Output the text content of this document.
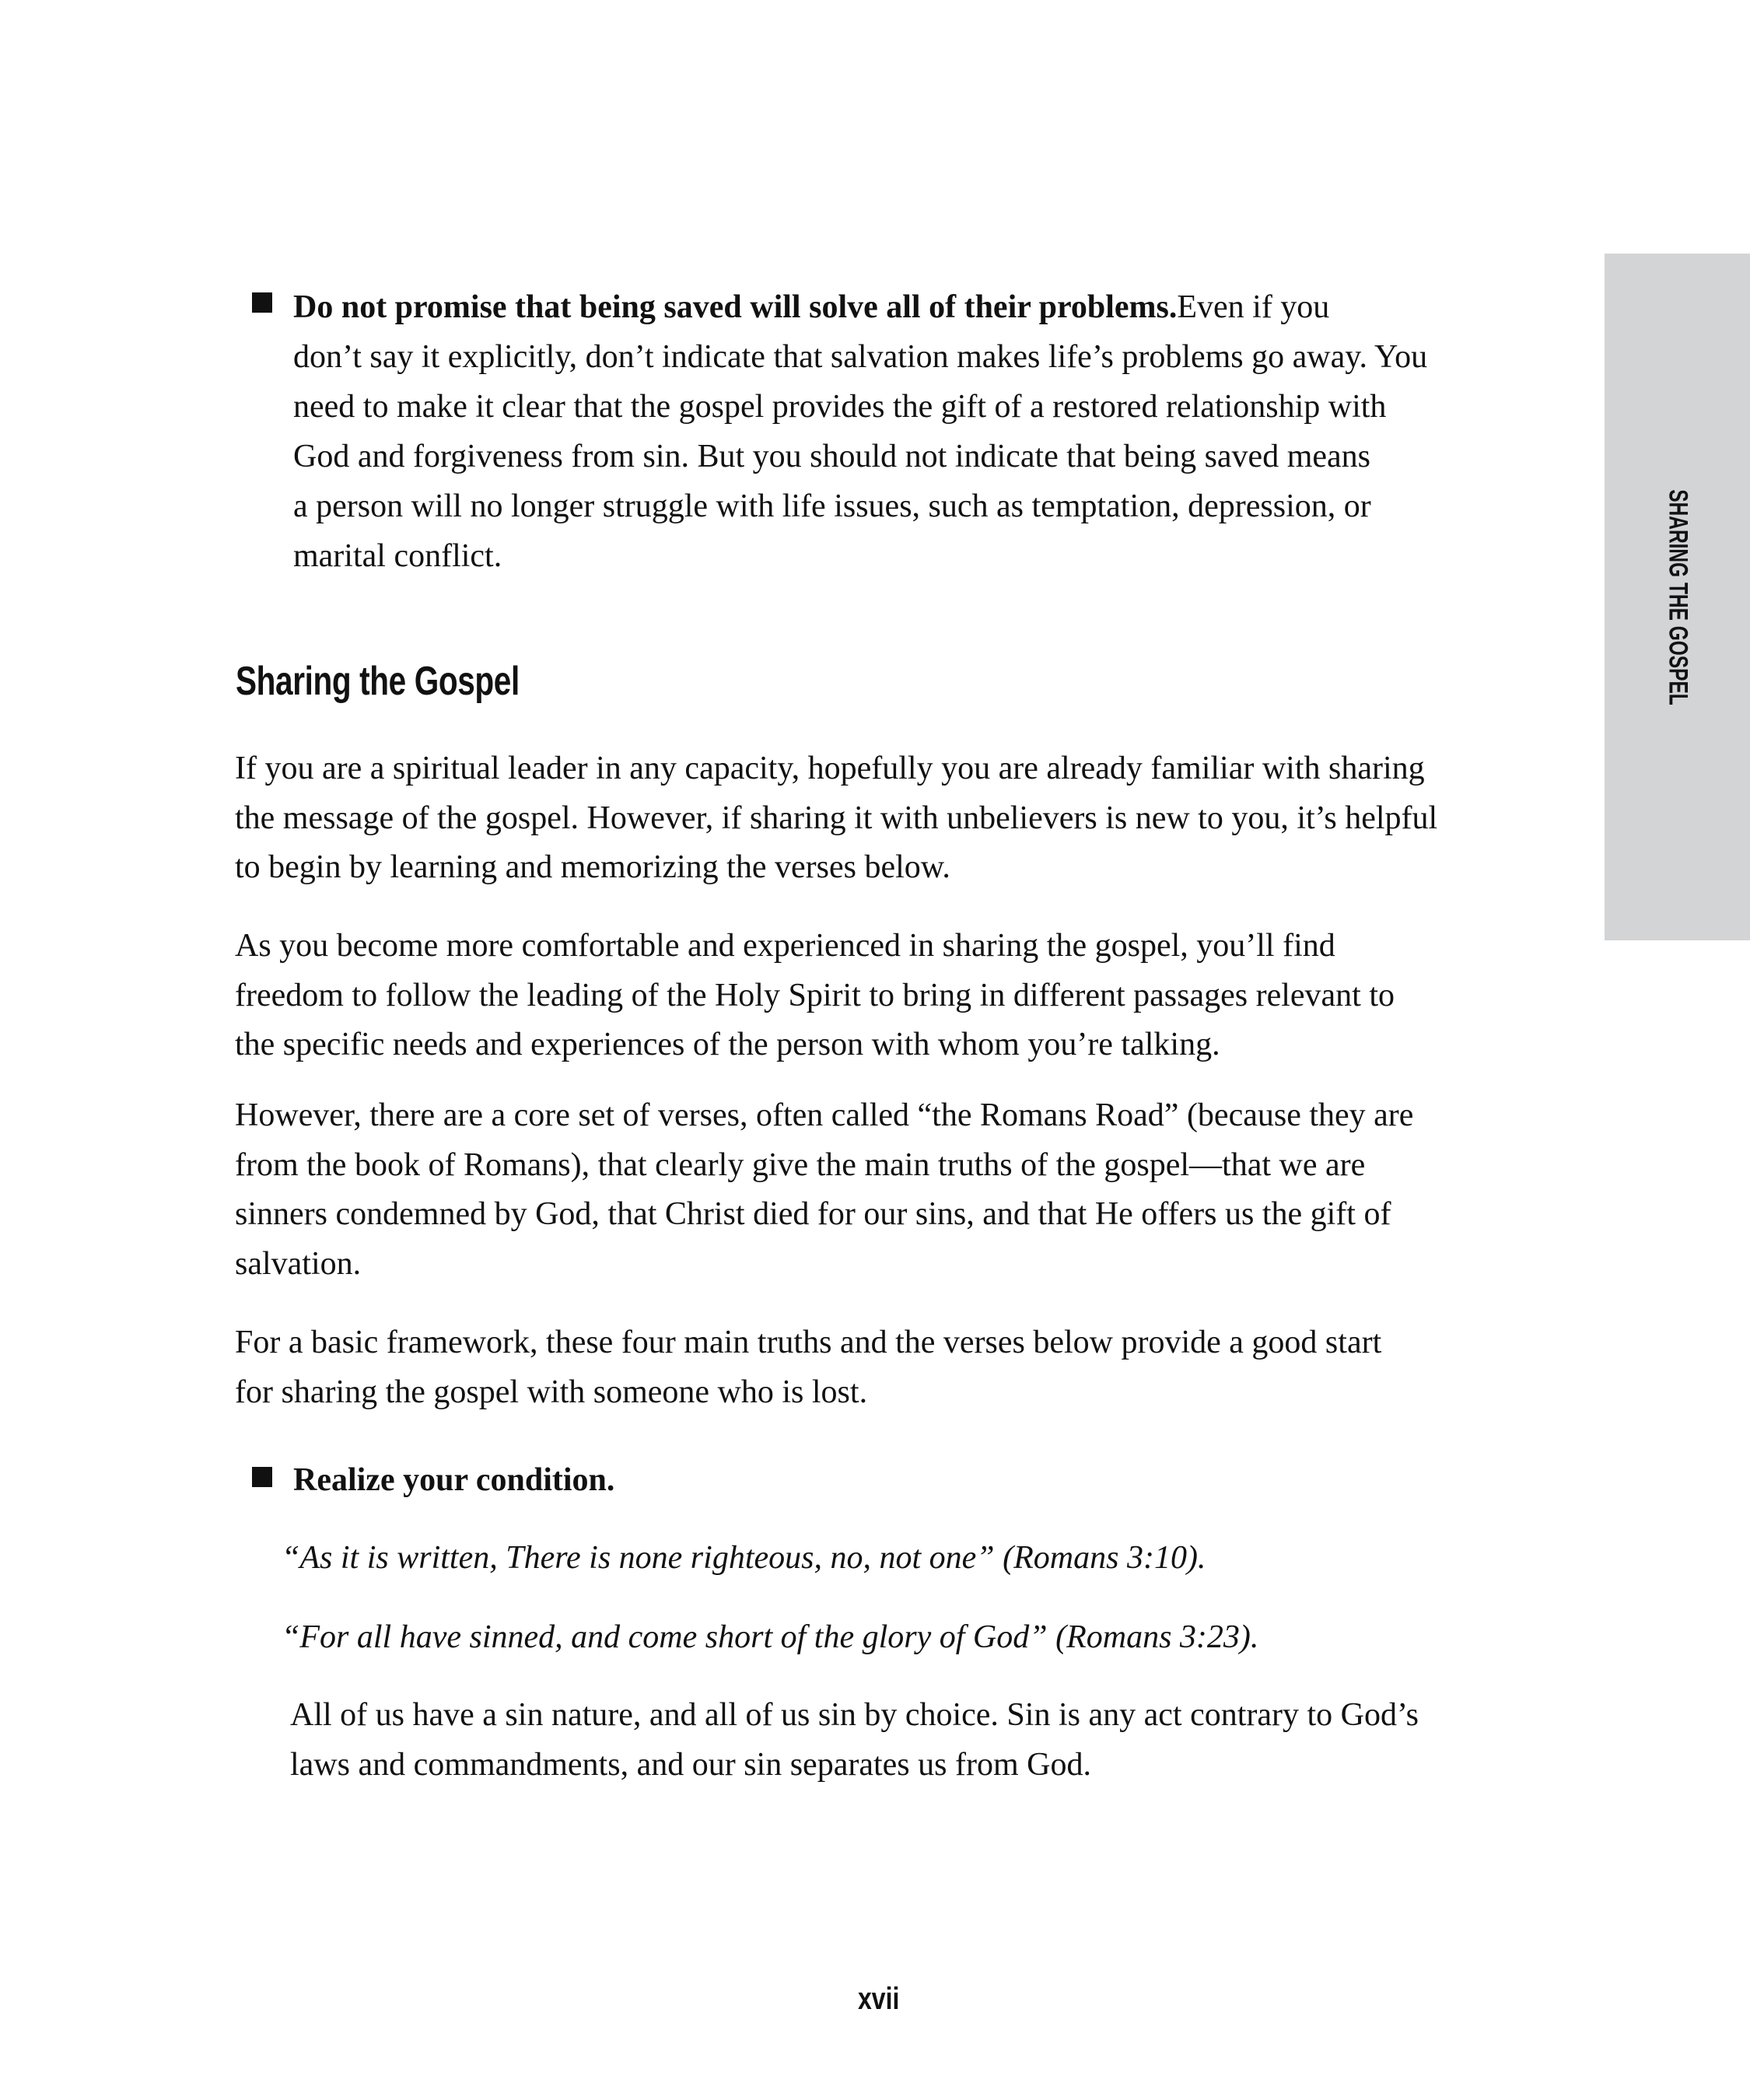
SHARING THE GOSPEL
Do not promise that being saved will solve all of their problems.Even if you
don’t say it explicitly, don’t indicate that salvation makes life’s problems go away. You
need to make it clear that the gospel provides the gift of a restored relationship with
God and forgiveness from sin. But you should not indicate that being saved means
a person will no longer struggle with life issues, such as temptation, depression, or
marital conflict.
Sharing the Gospel
If you are a spiritual leader in any capacity, hopefully you are already familiar with sharing
the message of the gospel. However, if sharing it with unbelievers is new to you, it’s helpful
to begin by learning and memorizing the verses below.
As you become more comfortable and experienced in sharing the gospel, you’ll find
freedom to follow the leading of the Holy Spirit to bring in different passages relevant to
the specific needs and experiences of the person with whom you’re talking.
However, there are a core set of verses, often called “the Romans Road” (because they are
from the book of Romans), that clearly give the main truths of the gospel—that we are
sinners condemned by God, that Christ died for our sins, and that He offers us the gift of
salvation.
For a basic framework, these four main truths and the verses below provide a good start
for sharing the gospel with someone who is lost.
Realize your condition.
“As it is written, There is none righteous, no, not one” (Romans 3:10).
“For all have sinned, and come short of the glory of God” (Romans 3:23).
All of us have a sin nature, and all of us sin by choice. Sin is any act contrary to God’s
laws and commandments, and our sin separates us from God.
xvii
